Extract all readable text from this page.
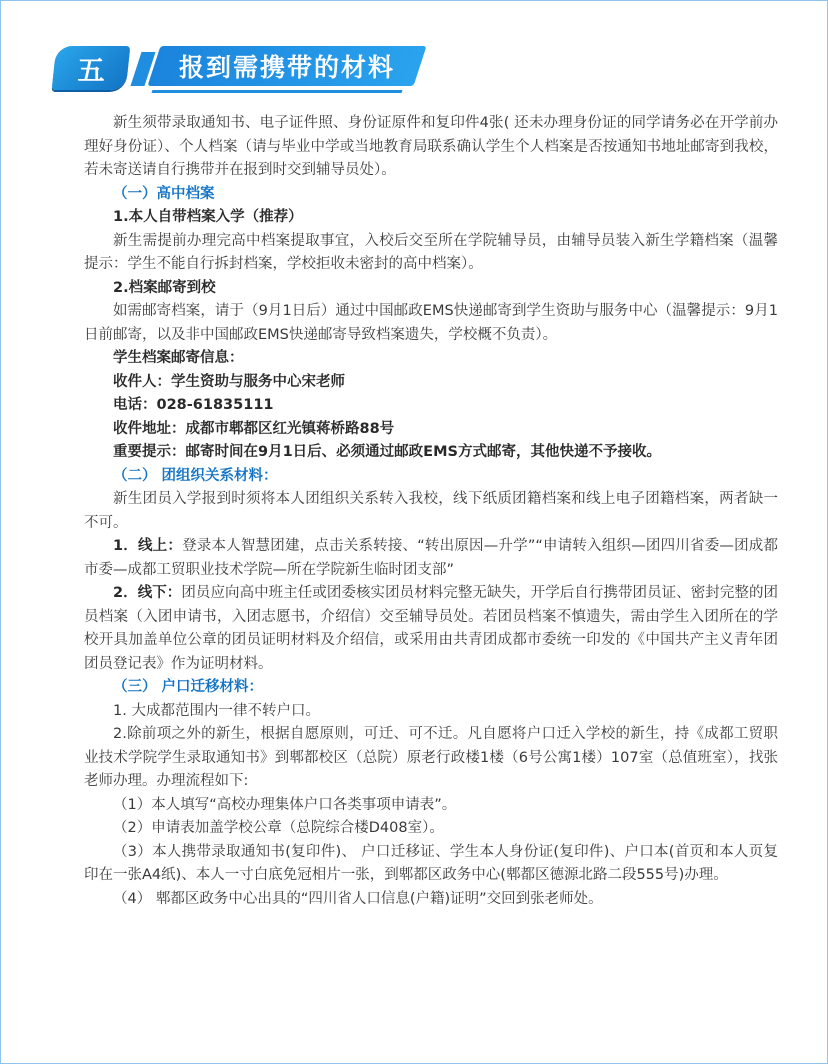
五	报到需携带的材料

新生须带录取通知书、电子证件照、身份证原件和复印件4张( 还未办理身份证的同学请务必在开学前办理好身份证）、个人档案（请与毕业中学或当地教育局联系确认学生个人档案是否按通知书地址邮寄到我校，若未寄送请自行携带并在报到时交到辅导员处）。

（一）高中档案

1.本人自带档案入学（推荐）

新生需提前办理完高中档案提取事宜，入校后交至所在学院辅导员，由辅导员装入新生学籍档案（温馨提示：学生不能自行拆封档案，学校拒收未密封的高中档案）。

2.档案邮寄到校

如需邮寄档案，请于（9月1日后）通过中国邮政EMS快递邮寄到学生资助与服务中心（温馨提示：9月1日前邮寄，以及非中国邮政EMS快递邮寄导致档案遗失，学校概不负责）。

学生档案邮寄信息：

收件人：学生资助与服务中心宋老师

电话：028-61835111

收件地址：成都市郫都区红光镇蒋桥路88号

重要提示：邮寄时间在9月1日后、必须通过邮政EMS方式邮寄，其他快递不予接收。

（二） 团组织关系材料：

新生团员入学报到时须将本人团组织关系转入我校，线下纸质团籍档案和线上电子团籍档案，两者缺一不可。

1．线上：登录本人智慧团建，点击关系转接、“转出原因—升学”“申请转入组织—团四川省委—团成都市委—成都工贸职业技术学院—所在学院新生临时团支部”

2．线下：团员应向高中班主任或团委核实团员材料完整无缺失，开学后自行携带团员证、密封完整的团员档案（入团申请书，入团志愿书，介绍信）交至辅导员处。若团员档案不慎遗失，需由学生入团所在的学校开具加盖单位公章的团员证明材料及介绍信，或采用由共青团成都市委统一印发的《中国共产主义青年团团员登记表》作为证明材料。

（三） 户口迁移材料：

1. 大成都范围内一律不转户口。

2.除前项之外的新生，根据自愿原则，可迁、可不迁。凡自愿将户口迁入学校的新生，持《成都工贸职业技术学院学生录取通知书》到郫都校区（总院）原老行政楼1楼（6号公寓1楼）107室（总值班室），找张老师办理。办理流程如下:

（1）本人填写“高校办理集体户口各类事项申请表”。

（2）申请表加盖学校公章（总院综合楼D408室）。

（3）本人携带录取通知书(复印件)、 户口迁移证、学生本人身份证(复印件)、户口本(首页和本人页复印在一张A4纸)、本人一寸白底免冠相片一张，到郫都区政务中心(郫都区德源北路二段555号)办理。

（4） 郫都区政务中心出具的“四川省人口信息(户籍)证明”交回到张老师处。
